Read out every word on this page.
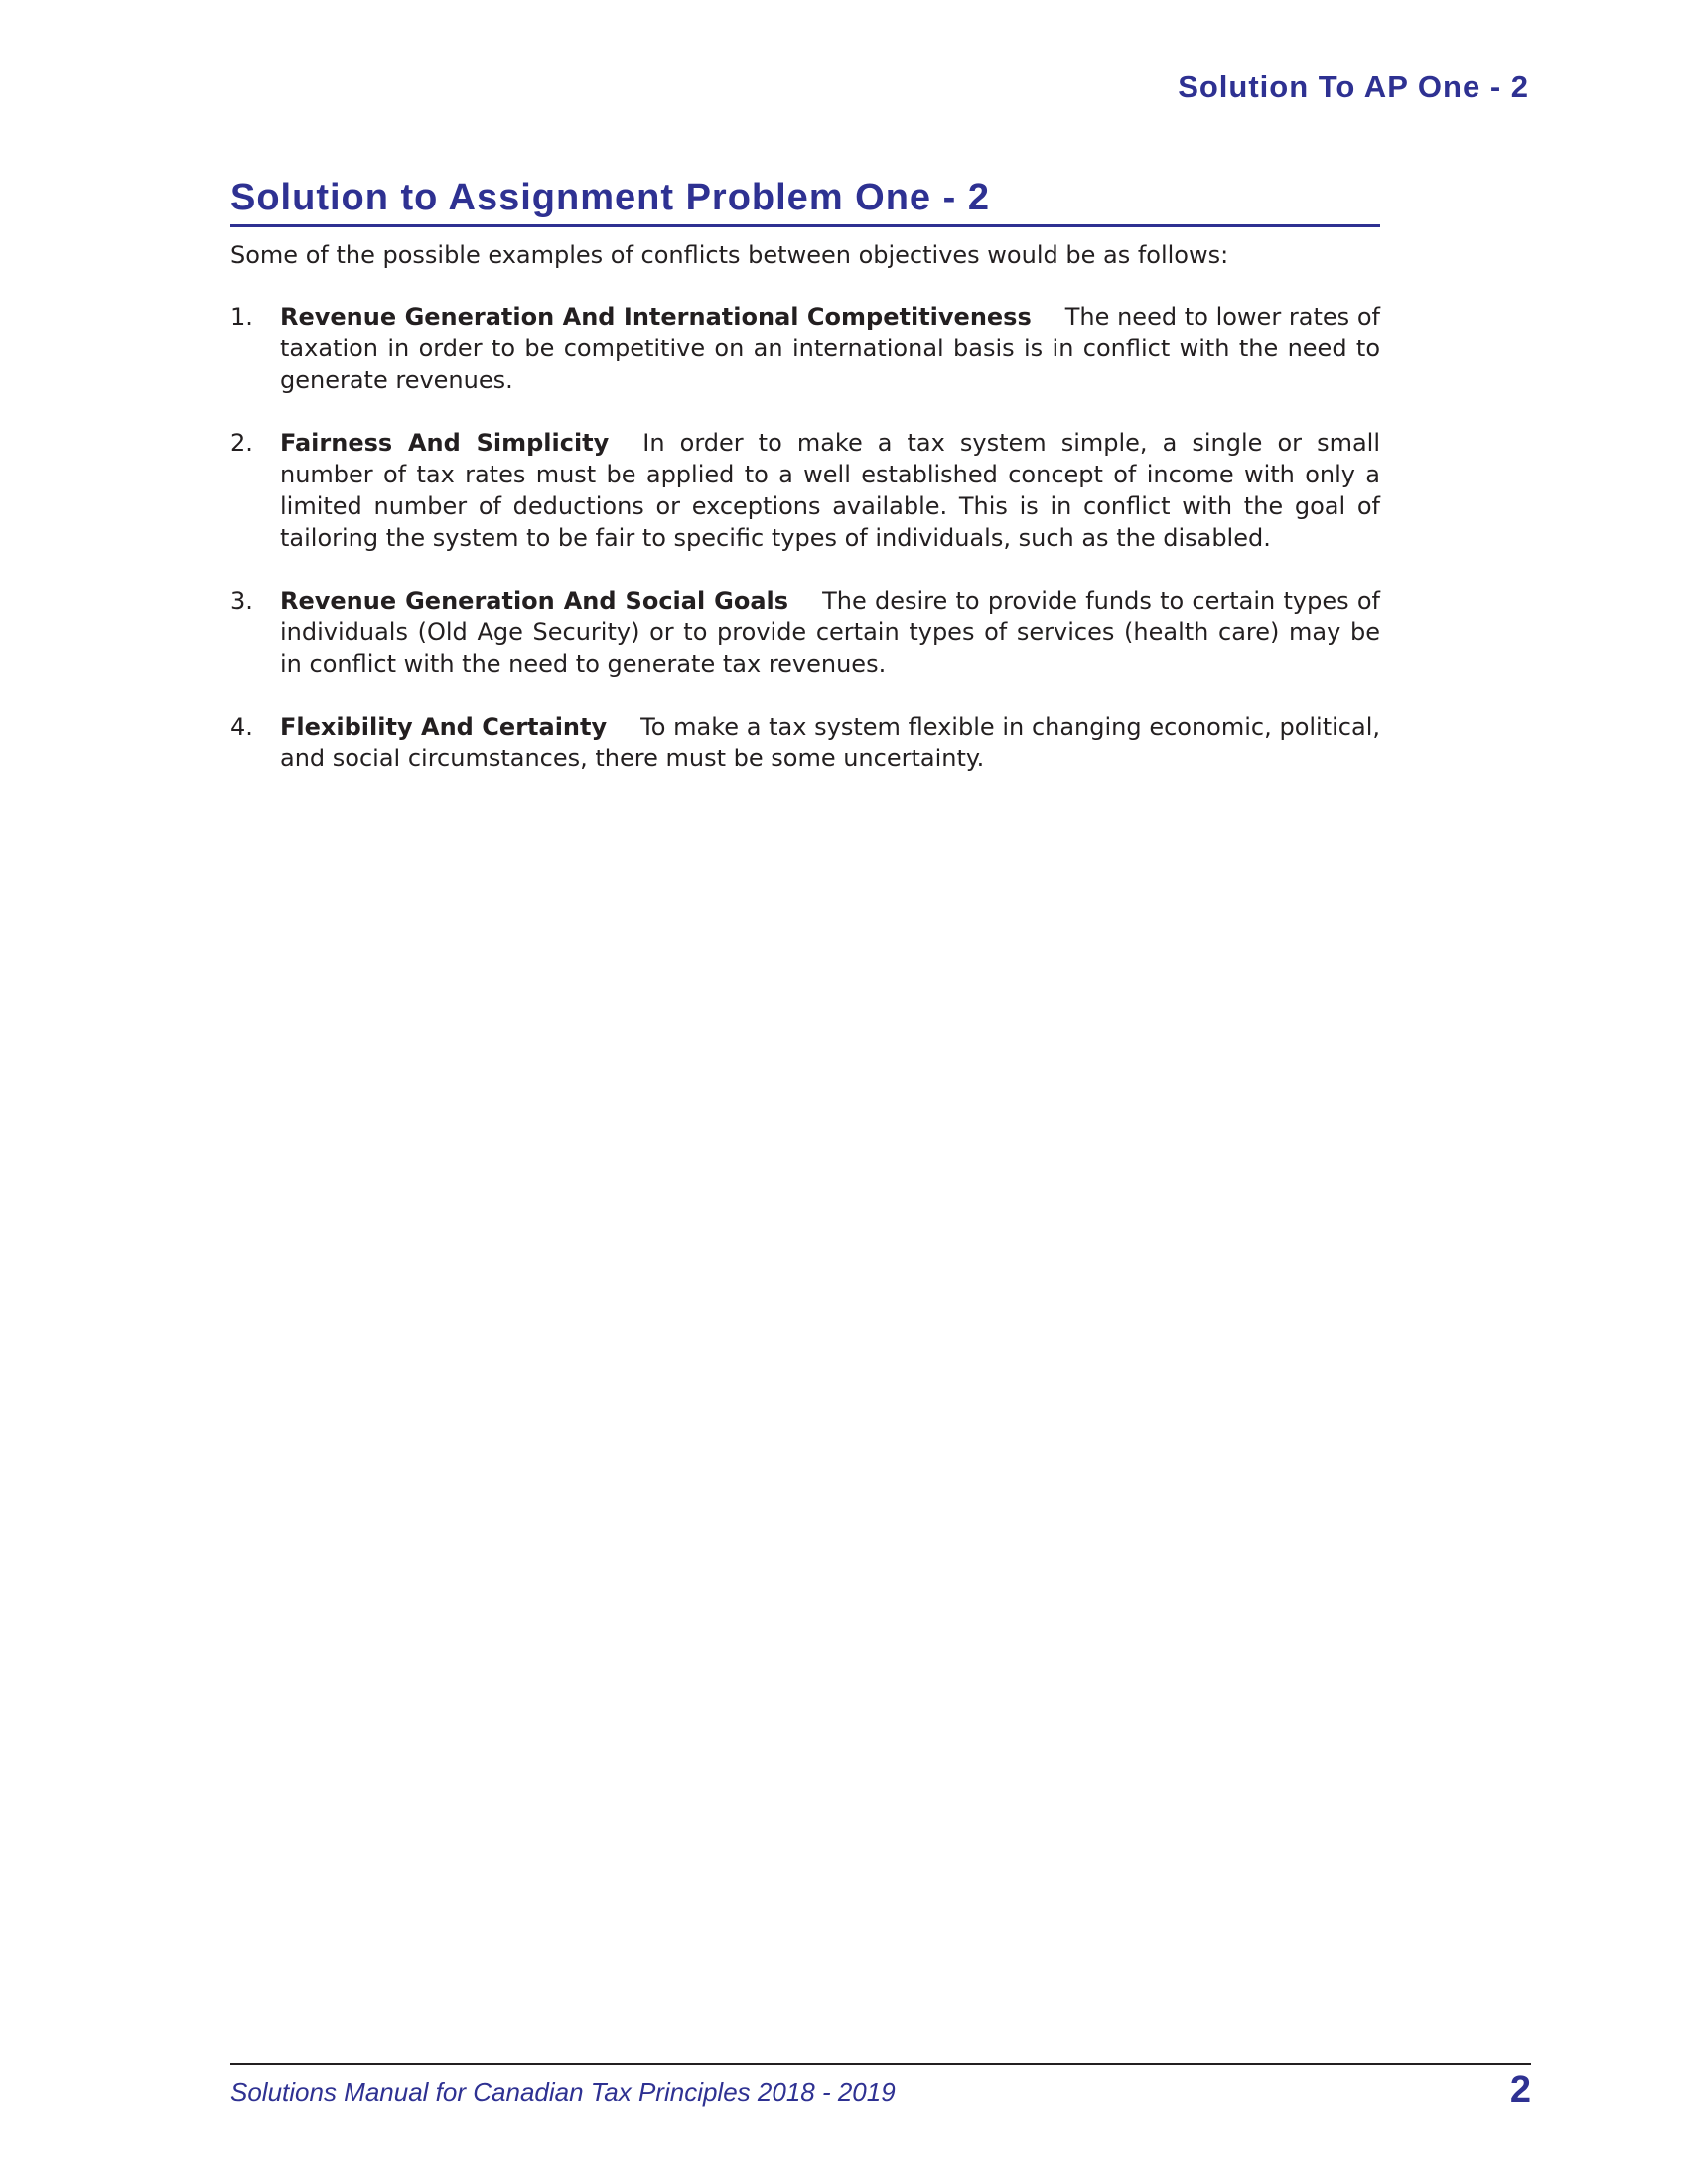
Solution To AP One - 2
Solution to Assignment Problem One - 2

Some of the possible examples of conflicts between objectives would be as follows:

1.	Revenue Generation And International Competitiveness The need to lower rates of taxation in order to be competitive on an international basis is in conflict with the need to generate revenues.
2.	Fairness And Simplicity In order to make a tax system simple, a single or small number of tax rates must be applied to a well established concept of income with only a limited number of deductions or exceptions available. This is in conflict with the goal of tailoring the system to be fair to specific types of individuals, such as the disabled.
3.	Revenue Generation And Social Goals The desire to provide funds to certain types of individuals (Old Age Security) or to provide certain types of services (health care) may be in conflict with the need to generate tax revenues.
4.	Flexibility And Certainty To make a tax system flexible in changing economic, political, and social circumstances, there must be some uncertainty.
Solutions Manual for Canadian Tax Principles 2018 - 2019	2
